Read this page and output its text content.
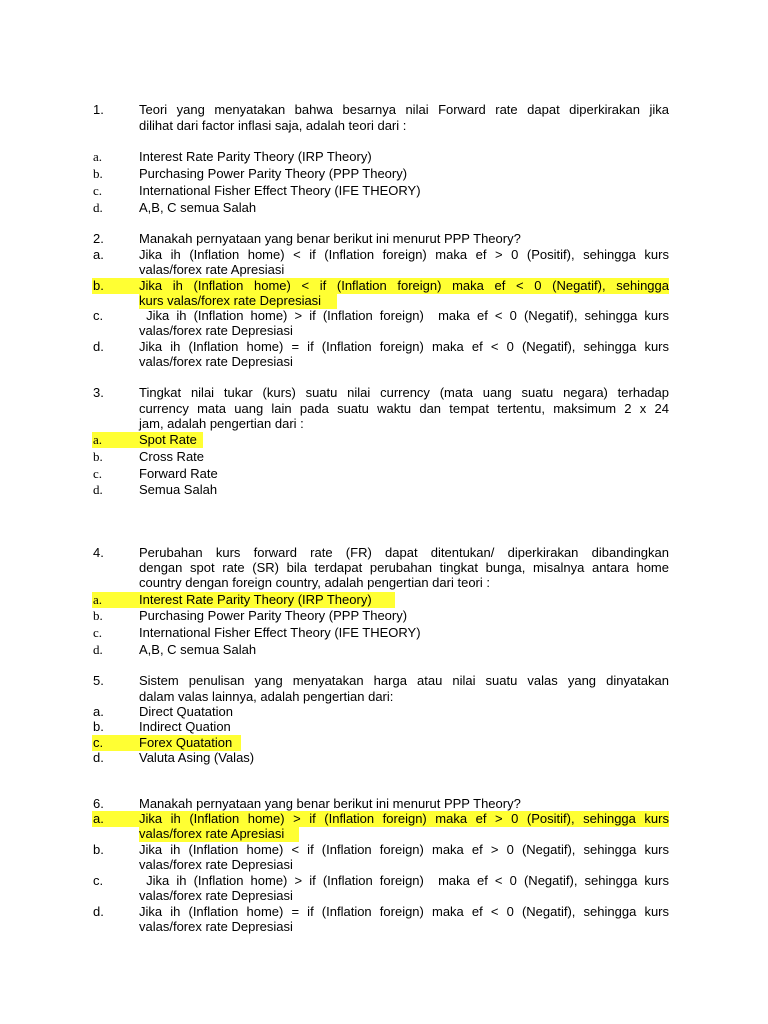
1.	Teori yang menyatakan bahwa besarnya nilai Forward rate dapat diperkirakan jika
dilihat dari factor inflasi saja, adalah teori dari :
a.	Interest Rate Parity Theory (IRP Theory)
b.	Purchasing Power Parity Theory (PPP Theory)
c.	International Fisher Effect Theory (IFE THEORY)
d.	A,B, C semua Salah
2.	Manakah pernyataan yang benar berikut ini menurut PPP Theory?
a.	Jika ih (Inflation home) < if (Inflation foreign) maka ef > 0 (Positif), sehingga kurs
valas/forex rate Apresiasi
b.	Jika ih (Inflation home) < if (Inflation foreign) maka ef < 0 (Negatif), sehingga
kurs valas/forex rate Depresiasi
c.	Jika ih (Inflation home) > if (Inflation foreign)  maka ef < 0 (Negatif), sehingga kurs
valas/forex rate Depresiasi
d.	Jika ih (Inflation home) = if (Inflation foreign) maka ef < 0 (Negatif), sehingga kurs
valas/forex rate Depresiasi
3.	Tingkat nilai tukar (kurs) suatu nilai currency (mata uang suatu negara) terhadap
currency mata uang lain pada suatu waktu dan tempat tertentu, maksimum 2 x 24
jam, adalah pengertian dari :
a.	Spot Rate
b.	Cross Rate
c.	Forward Rate
d.	Semua Salah
4.	Perubahan kurs forward rate (FR) dapat ditentukan/ diperkirakan dibandingkan
dengan spot rate (SR) bila terdapat perubahan tingkat bunga, misalnya antara home
country dengan foreign country, adalah pengertian dari teori :
a.	Interest Rate Parity Theory (IRP Theory)
b.	Purchasing Power Parity Theory (PPP Theory)
c.	International Fisher Effect Theory (IFE THEORY)
d.	A,B, C semua Salah
5.	Sistem penulisan yang menyatakan harga atau nilai suatu valas yang dinyatakan
dalam valas lainnya, adalah pengertian dari:
a.	Direct Quatation
b.	Indirect Quation
c.	Forex Quatation
d.	Valuta Asing (Valas)
6.	Manakah pernyataan yang benar berikut ini menurut PPP Theory?
a.	Jika ih (Inflation home) > if (Inflation foreign) maka ef > 0 (Positif), sehingga kurs
valas/forex rate Apresiasi
b.	Jika ih (Inflation home) < if (Inflation foreign) maka ef > 0 (Negatif), sehingga kurs
valas/forex rate Depresiasi
c.	Jika ih (Inflation home) > if (Inflation foreign)  maka ef < 0 (Negatif), sehingga kurs
valas/forex rate Depresiasi
d.	Jika ih (Inflation home) = if (Inflation foreign) maka ef < 0 (Negatif), sehingga kurs
valas/forex rate Depresiasi
